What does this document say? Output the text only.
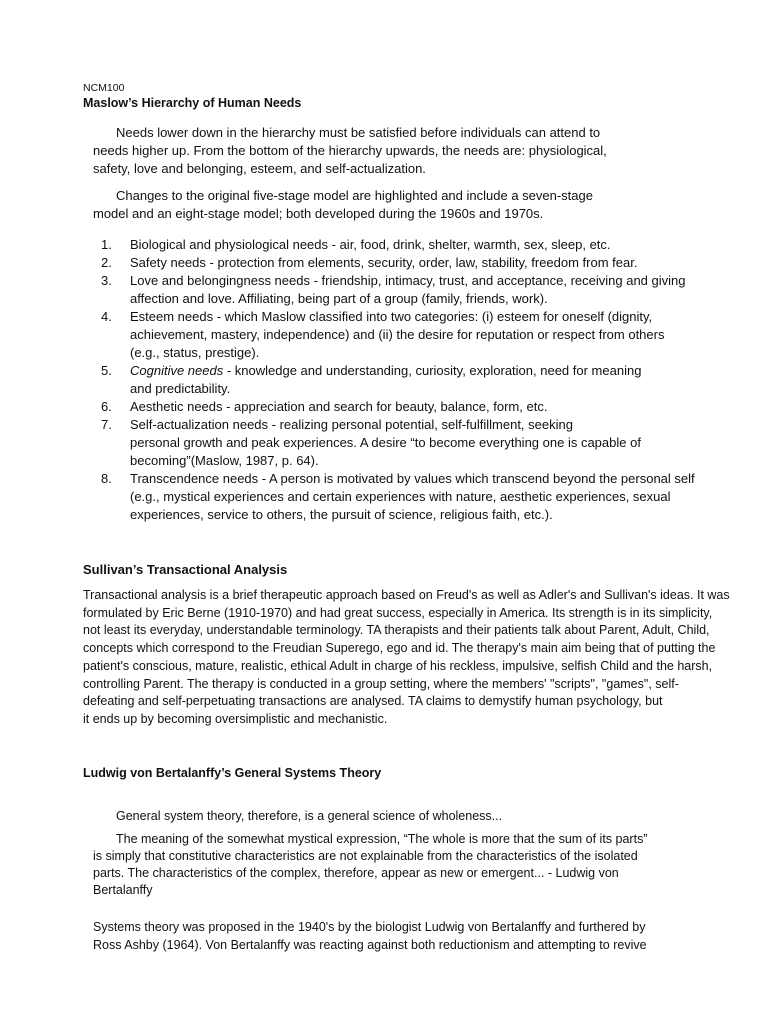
NCM100
Maslow’s Hierarchy of Human Needs
Needs lower down in the hierarchy must be satisfied before individuals can attend to
needs higher up. From the bottom of the hierarchy upwards, the needs are: physiological,
safety, love and belonging, esteem, and self-actualization.
Changes to the original five-stage model are highlighted and include a seven-stage
model and an eight-stage model; both developed during the 1960s and 1970s.
1.	Biological and physiological needs - air, food, drink, shelter, warmth, sex, sleep, etc.
2.	Safety needs - protection from elements, security, order, law, stability, freedom from fear.
3.	Love and belongingness needs - friendship, intimacy, trust, and acceptance, receiving and giving
affection and love. Affiliating, being part of a group (family, friends, work).
4.	Esteem needs - which Maslow classified into two categories: (i) esteem for oneself (dignity,
achievement, mastery, independence) and (ii) the desire for reputation or respect from others
(e.g., status, prestige).
5.	Cognitive needs - knowledge and understanding, curiosity, exploration, need for meaning
and predictability.
6.	Aesthetic needs - appreciation and search for beauty, balance, form, etc.
7.	Self-actualization needs - realizing personal potential, self-fulfillment, seeking
personal growth and peak experiences. A desire “to become everything one is capable of
becoming”(Maslow, 1987, p. 64).
8.	Transcendence needs - A person is motivated by values which transcend beyond the personal self
(e.g., mystical experiences and certain experiences with nature, aesthetic experiences, sexual
experiences, service to others, the pursuit of science, religious faith, etc.).
Sullivan’s Transactional Analysis
Transactional analysis is a brief therapeutic approach based on Freud's as well as Adler's and Sullivan's ideas. It was
formulated by Eric Berne (1910-1970) and had great success, especially in America. Its strength is in its simplicity,
not least its everyday, understandable terminology. TA therapists and their patients talk about Parent, Adult, Child,
concepts which correspond to the Freudian Superego, ego and id. The therapy's main aim being that of putting the
patient's conscious, mature, realistic, ethical Adult in charge of his reckless, impulsive, selfish Child and the harsh,
controlling Parent. The therapy is conducted in a group setting, where the members' "scripts", "games", self-
defeating and self-perpetuating transactions are analysed. TA claims to demystify human psychology, but
it ends up by becoming oversimplistic and mechanistic.
Ludwig von Bertalanffy’s General Systems Theory
General system theory, therefore, is a general science of wholeness...
The meaning of the somewhat mystical expression, “The whole is more that the sum of its parts”
is simply that constitutive characteristics are not explainable from the characteristics of the isolated
parts. The characteristics of the complex, therefore, appear as new or emergent... - Ludwig von
Bertalanffy
Systems theory was proposed in the 1940's by the biologist Ludwig von Bertalanffy and furthered by
Ross Ashby (1964). Von Bertalanffy was reacting against both reductionism and attempting to revive
